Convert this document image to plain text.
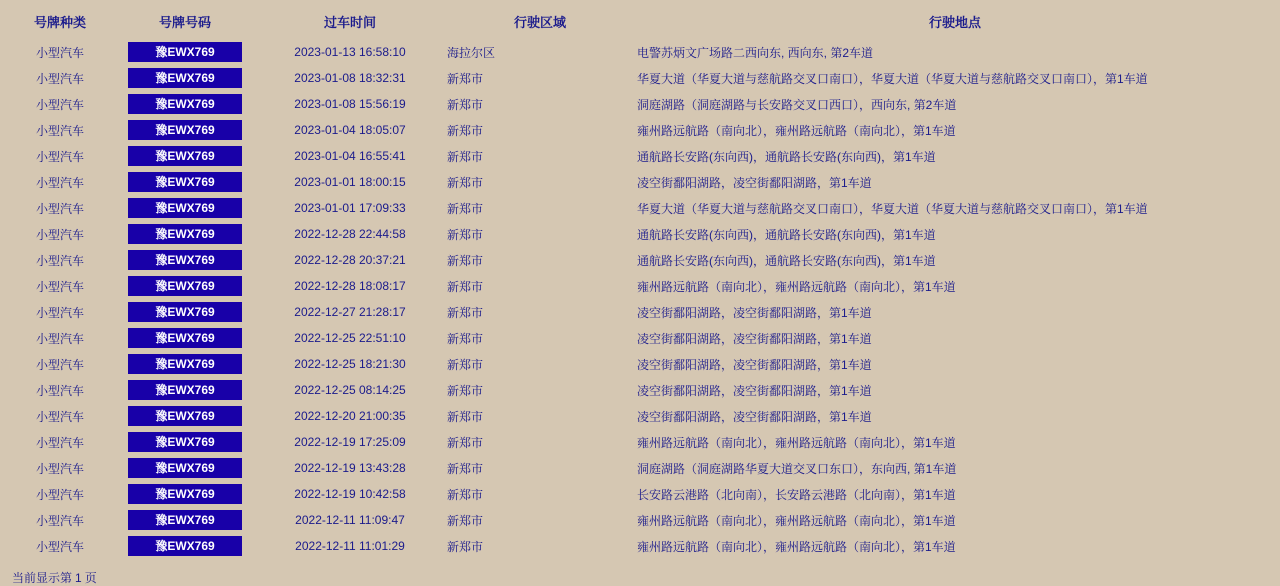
号牌种类	号牌号码	过车时间	行驶区域	行驶地点
小型汽车	豫EWX769	2023-01-13 16:58:10	海拉尔区	电警苏炳文广场路二西向东, 西向东, 第2车道
小型汽车	豫EWX769	2023-01-08 18:32:31	新郑市	华夏大道（华夏大道与慈航路交叉口南口），华夏大道（华夏大道与慈航路交叉口南口），第1车道
小型汽车	豫EWX769	2023-01-08 15:56:19	新郑市	洞庭湖路（洞庭湖路与长安路交叉口西口），西向东, 第2车道
小型汽车	豫EWX769	2023-01-04 18:05:07	新郑市	雍州路远航路（南向北），雍州路远航路（南向北），第1车道
小型汽车	豫EWX769	2023-01-04 16:55:41	新郑市	通航路长安路(东向西)，通航路长安路(东向西)，第1车道
小型汽车	豫EWX769	2023-01-01 18:00:15	新郑市	凌空街鄱阳湖路，凌空街鄱阳湖路，第1车道
小型汽车	豫EWX769	2023-01-01 17:09:33	新郑市	华夏大道（华夏大道与慈航路交叉口南口），华夏大道（华夏大道与慈航路交叉口南口），第1车道
小型汽车	豫EWX769	2022-12-28 22:44:58	新郑市	通航路长安路(东向西)，通航路长安路(东向西)，第1车道
小型汽车	豫EWX769	2022-12-28 20:37:21	新郑市	通航路长安路(东向西)，通航路长安路(东向西)，第1车道
小型汽车	豫EWX769	2022-12-28 18:08:17	新郑市	雍州路远航路（南向北），雍州路远航路（南向北），第1车道
小型汽车	豫EWX769	2022-12-27 21:28:17	新郑市	凌空街鄱阳湖路，凌空街鄱阳湖路，第1车道
小型汽车	豫EWX769	2022-12-25 22:51:10	新郑市	凌空街鄱阳湖路，凌空街鄱阳湖路，第1车道
小型汽车	豫EWX769	2022-12-25 18:21:30	新郑市	凌空街鄱阳湖路，凌空街鄱阳湖路，第1车道
小型汽车	豫EWX769	2022-12-25 08:14:25	新郑市	凌空街鄱阳湖路，凌空街鄱阳湖路，第1车道
小型汽车	豫EWX769	2022-12-20 21:00:35	新郑市	凌空街鄱阳湖路，凌空街鄱阳湖路，第1车道
小型汽车	豫EWX769	2022-12-19 17:25:09	新郑市	雍州路远航路（南向北），雍州路远航路（南向北），第1车道
小型汽车	豫EWX769	2022-12-19 13:43:28	新郑市	洞庭湖路（洞庭湖路华夏大道交叉口东口），东向西, 第1车道
小型汽车	豫EWX769	2022-12-19 10:42:58	新郑市	长安路云港路（北向南），长安路云港路（北向南），第1车道
小型汽车	豫EWX769	2022-12-11 11:09:47	新郑市	雍州路远航路（南向北），雍州路远航路（南向北），第1车道
小型汽车	豫EWX769	2022-12-11 11:01:29	新郑市	雍州路远航路（南向北），雍州路远航路（南向北），第1车道
当前显示第 1 页
